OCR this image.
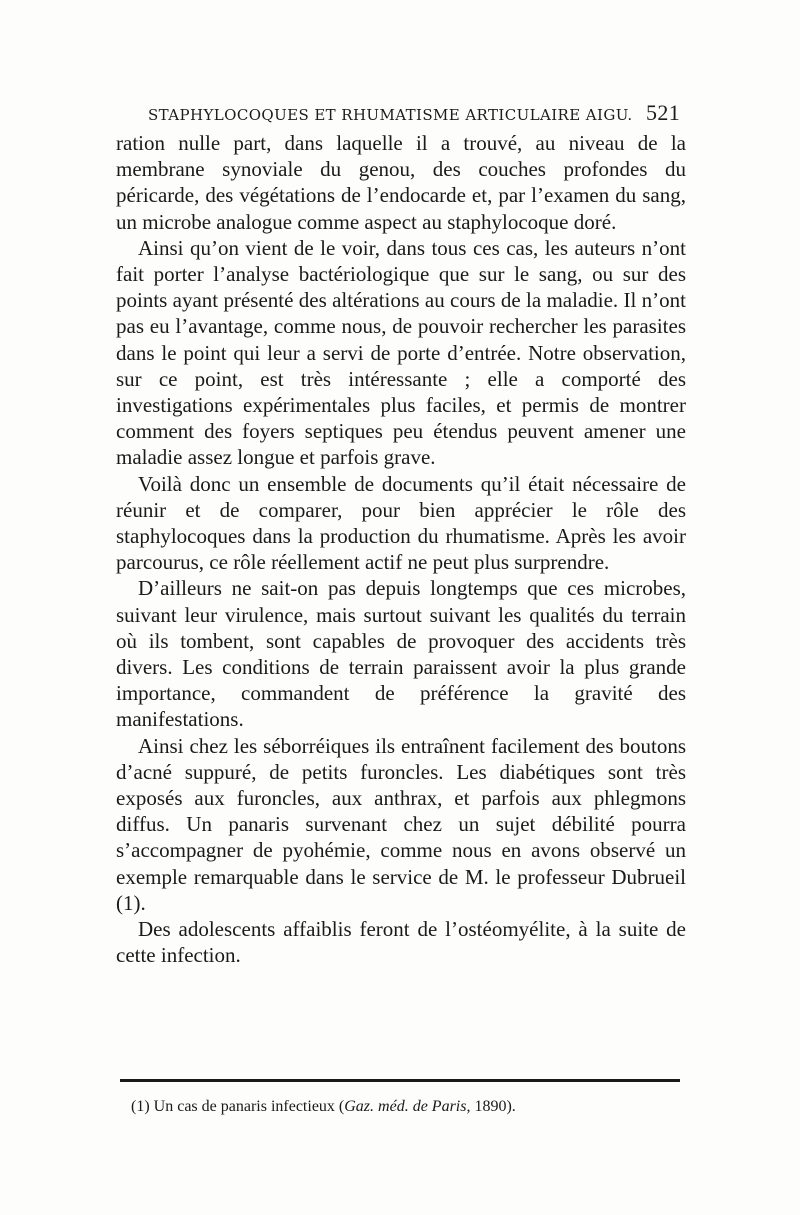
STAPHYLOCOQUES ET RHUMATISME ARTICULAIRE AIGU. 521

ration nulle part, dans laquelle il a trouvé, au niveau de la membrane synoviale du genou, des couches profondes du péricarde, des végétations de l’endocarde et, par l’examen du sang, un microbe analogue comme aspect au staphylocoque doré.

Ainsi qu’on vient de le voir, dans tous ces cas, les auteurs n’ont fait porter l’analyse bactériologique que sur le sang, ou sur des points ayant présenté des altérations au cours de la maladie. Il n’ont pas eu l’avantage, comme nous, de pouvoir rechercher les parasites dans le point qui leur a servi de porte d’entrée. Notre observation, sur ce point, est très intéressante ; elle a comporté des investigations expérimentales plus faciles, et permis de montrer comment des foyers septiques peu étendus peuvent amener une maladie assez longue et parfois grave.

Voilà donc un ensemble de documents qu’il était nécessaire de réunir et de comparer, pour bien apprécier le rôle des staphylocoques dans la production du rhumatisme. Après les avoir parcourus, ce rôle réellement actif ne peut plus surprendre.

D’ailleurs ne sait-on pas depuis longtemps que ces microbes, suivant leur virulence, mais surtout suivant les qualités du terrain où ils tombent, sont capables de provoquer des accidents très divers. Les conditions de terrain paraissent avoir la plus grande importance, commandent de préférence la gravité des manifestations.

Ainsi chez les séborréiques ils entraînent facilement des boutons d’acné suppuré, de petits furoncles. Les diabétiques sont très exposés aux furoncles, aux anthrax, et parfois aux phlegmons diffus. Un panaris survenant chez un sujet débilité pourra s’accompagner de pyohémie, comme nous en avons observé un exemple remarquable dans le service de M. le professeur Dubrueil (1).

Des adolescents affaiblis feront de l’ostéomyélite, à la suite de cette infection.

(1) Un cas de panaris infectieux (Gaz. méd. de Paris, 1890).
